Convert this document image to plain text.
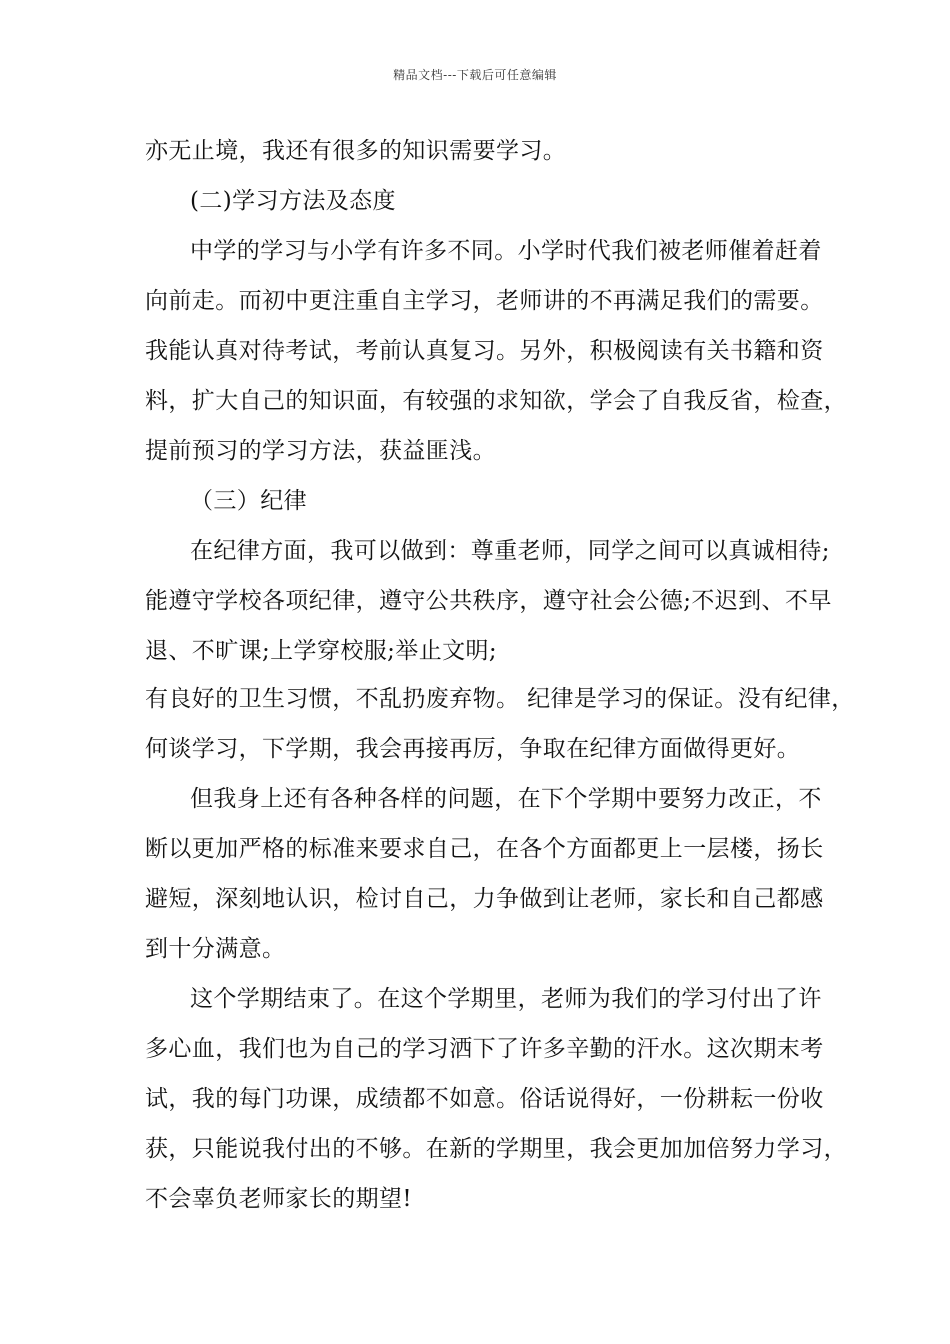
精品文档---下载后可任意编辑
亦无止境，我还有很多的知识需要学习。
(二)学习方法及态度
中学的学习与小学有许多不同。小学时代我们被老师催着赶着
向前走。而初中更注重自主学习，老师讲的不再满足我们的需要。
我能认真对待考试，考前认真复习。另外，积极阅读有关书籍和资
料，扩大自己的知识面，有较强的求知欲，学会了自我反省，检查，
提前预习的学习方法，获益匪浅。
（三）纪律
在纪律方面，我可以做到：尊重老师，同学之间可以真诚相待;
能遵守学校各项纪律，遵守公共秩序，遵守社会公德;不迟到、不早
退、不旷课;上学穿校服;举止文明;
有良好的卫生习惯，不乱扔废弃物。 纪律是学习的保证。没有纪律，
何谈学习，下学期，我会再接再厉，争取在纪律方面做得更好。
但我身上还有各种各样的问题，在下个学期中要努力改正，不
断以更加严格的标准来要求自己，在各个方面都更上一层楼，扬长
避短，深刻地认识，检讨自己，力争做到让老师，家长和自己都感
到十分满意。
这个学期结束了。在这个学期里，老师为我们的学习付出了许
多心血，我们也为自己的学习洒下了许多辛勤的汗水。这次期末考
试，我的每门功课，成绩都不如意。俗话说得好，一份耕耘一份收
获，只能说我付出的不够。在新的学期里，我会更加加倍努力学习，
不会辜负老师家长的期望!
